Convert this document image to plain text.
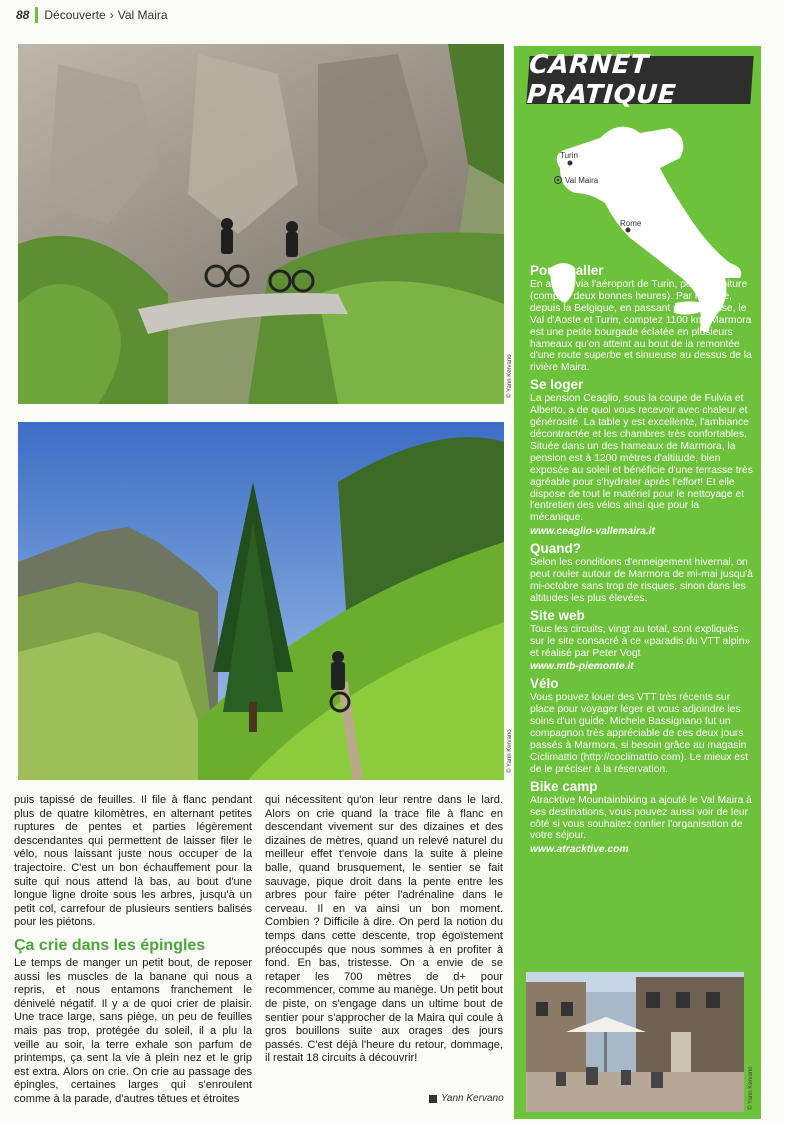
88 Découverte › Val Maira
© Yann Kervano
© Yann Kervano

puis tapissé de feuilles. Il file à flanc pendant plus de quatre kilomètres, en alternant petites ruptures de pentes et parties légèrement descendantes qui permettent de laisser filer le vélo, nous laissant juste nous occuper de la trajectoire. C'est un bon échauffement pour la suite qui nous attend là bas, au bout d'une longue ligne droite sous les arbres, jusqu'à un petit col, carrefour de plusieurs sentiers balisés pour les piétons.

Ça crie dans les épingles

Le temps de manger un petit bout, de reposer aussi les muscles de la banane qui nous a repris, et nous entamons franchement le dénivelé négatif. Il y a de quoi crier de plaisir. Une trace large, sans piège, un peu de feuilles mais pas trop, protégée du soleil, il a plu la veille au soir, la terre exhale son parfum de printemps, ça sent la vie à plein nez et le grip est extra. Alors on crie. On crie au passage des épingles, certaines larges qui s'enroulent comme à la parade, d'autres têtues et étroites

qui nécessitent qu'on leur rentre dans le lard. Alors on crie quand la trace file à flanc en descendant vivement sur des dizaines et des dizaines de mètres, quand un relevé naturel du meilleur effet t'envoie dans la suite à pleine balle, quand brusquement, le sentier se fait sauvage, pique droit dans la pente entre les arbres pour faire péter l'adrénaline dans le cerveau. Il en va ainsi un bon moment. Combien ? Difficile à dire. On perd la notion du temps dans cette descente, trop égoïstement préoccupés que nous sommes à en profiter à fond. En bas, tristesse. On a envie de se retaper les 700 mètres de d+ pour recommencer, comme au manège. Un petit bout de piste, on s'engage dans un ultime bout de sentier pour s'approcher de la Maira qui coule à gros bouillons suite aux orages des jours passés. C'est déjà l'heure du retour, dommage, il restait 18 circuits à découvrir!

Yann Kervano
CARNET PRATIQUE
Turin
Val Maira
Rome
Pour y aller

En avion, via l'aéroport de Turin, puis en voiture (compter deux bonnes heures). Par la route, depuis la Belgique, en passant par la Suisse, le Val d'Aoste et Turin, comptez 1100 km. Marmora est une petite bourgade éclatée en plusieurs hameaux qu'on atteint au bout de la remontée d'une route superbe et sinueuse au dessus de la rivière Maira.

Se loger

La pension Ceaglio, sous la coupe de Fulvia et Alberto, a de quoi vous recevoir avec chaleur et générosité. La table y est excellente, l'ambiance décontractée et les chambres très confortables. Située dans un des hameaux de Marmora, la pension est à 1200 mètres d'altitude, bien exposée au soleil et bénéficie d'une terrasse très agréable pour s'hydrater après l'effort! Et elle dispose de tout le matériel pour le nettoyage et l'entretien des vélos ainsi que pour la mécanique.

www.ceaglio-vallemaira.it

Quand?

Selon les conditions d'enneigement hivernal, on peut rouler autour de Marmora de mi-mai jusqu'à mi-octobre sans trop de risques, sinon dans les altitudes les plus élevées.

Site web

Tous les circuits, vingt au total, sont expliqués sur le site consacré à ce «paradis du VTT alpin» et réalisé par Peter Vogt

www.mtb-piemonte.it

Vélo

Vous pouvez louer des VTT très récents sur place pour voyager léger et vous adjoindre les soins d'un guide. Michele Bassignano fut un compagnon très appréciable de ces deux jours passés à Marmora, si besoin grâce au magasin Ciclimattio (http://coclimattio.com). Le mieux est de le préciser à la réservation.

Bike camp

Atracktive Mountainbiking a ajouté le Val Maira à ses destinations, vous pouvez aussi voir de leur côté si vous souhaitez confier l'organisation de votre séjour.

www.atracktive.com

© Yann Kervano
